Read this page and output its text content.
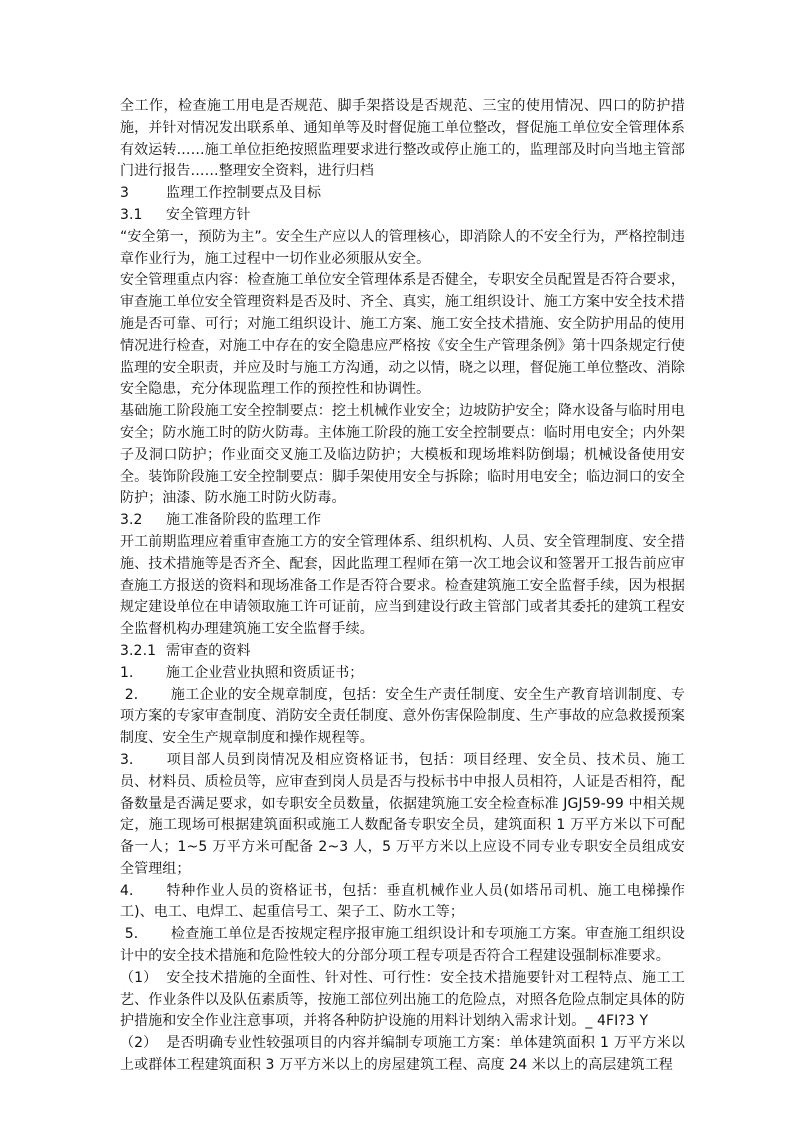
全工作，检查施工用电是否规范、脚手架搭设是否规范、三宝的使用情况、四口的防护措施，并针对情况发出联系单、通知单等及时督促施工单位整改，督促施工单位安全管理体系有效运转……施工单位拒绝按照监理要求进行整改或停止施工的，监理部及时向当地主管部门进行报告……整理安全资料，进行归档

3	监理工作控制要点及目标

3.1 安全管理方针

“安全第一，预防为主”。安全生产应以人的管理核心，即消除人的不安全行为，严格控制违章作业行为，施工过程中一切作业必须服从安全。

安全管理重点内容：检查施工单位安全管理体系是否健全，专职安全员配置是否符合要求，审查施工单位安全管理资料是否及时、齐全、真实，施工组织设计、施工方案中安全技术措施是否可靠、可行；对施工组织设计、施工方案、施工安全技术措施、安全防护用品的使用情况进行检查，对施工中存在的安全隐患应严格按《安全生产管理条例》第十四条规定行使监理的安全职责，并应及时与施工方沟通，动之以情，晓之以理，督促施工单位整改、消除安全隐患，充分体现监理工作的预控性和协调性。

基础施工阶段施工安全控制要点：挖土机械作业安全；边坡防护安全；降水设备与临时用电安全；防水施工时的防火防毒。主体施工阶段的施工安全控制要点：临时用电安全；内外架子及洞口防护；作业面交叉施工及临边防护；大模板和现场堆料防倒塌；机械设备使用安全。装饰阶段施工安全控制要点：脚手架使用安全与拆除；临时用电安全；临边洞口的安全防护；油漆、防水施工时防火防毒。

3.2 施工准备阶段的监理工作

开工前期监理应着重审查施工方的安全管理体系、组织机构、人员、安全管理制度、安全措施、技术措施等是否齐全、配套，因此监理工程师在第一次工地会议和签署开工报告前应审查施工方报送的资料和现场准备工作是否符合要求。检查建筑施工安全监督手续，因为根据规定建设单位在申请领取施工许可证前，应当到建设行政主管部门或者其委托的建筑工程安全监督机构办理建筑施工安全监督手续。

3.2.1 需审查的资料

1． 施工企业营业执照和资质证书；

2． 施工企业的安全规章制度，包括：安全生产责任制度、安全生产教育培训制度、专项方案的专家审查制度、消防安全责任制度、意外伤害保险制度、生产事故的应急救援预案制度、安全生产规章制度和操作规程等。

3． 项目部人员到岗情况及相应资格证书，包括：项目经理、安全员、技术员、施工员、材料员、质检员等，应审查到岗人员是否与投标书中申报人员相符，人证是否相符，配备数量是否满足要求，如专职安全员数量，依据建筑施工安全检查标准 JGJ59-99 中相关规定，施工现场可根据建筑面积或施工人数配备专职安全员，建筑面积 1 万平方米以下可配备一人；1~5 万平方米可配备 2~3 人，5 万平方米以上应设不同专业专职安全员组成安全管理组；

4． 特种作业人员的资格证书，包括：垂直机械作业人员(如塔吊司机、施工电梯操作工)、电工、电焊工、起重信号工、架子工、防水工等；

5． 检查施工单位是否按规定程序报审施工组织设计和专项施工方案。审查施工组织设计中的安全技术措施和危险性较大的分部分项工程专项是否符合工程建设强制标准要求。

（1） 安全技术措施的全面性、针对性、可行性：安全技术措施要针对工程特点、施工工艺、作业条件以及队伍素质等，按施工部位列出施工的危险点，对照各危险点制定具体的防护措施和安全作业注意事项，并将各种防护设施的用料计划纳入需求计划。_ 4FI?3 Y

（2） 是否明确专业性较强项目的内容并编制专项施工方案：单体建筑面积 1 万平方米以上或群体工程建筑面积 3 万平方米以上的房屋建筑工程、高度 24 米以上的高层建筑工程
